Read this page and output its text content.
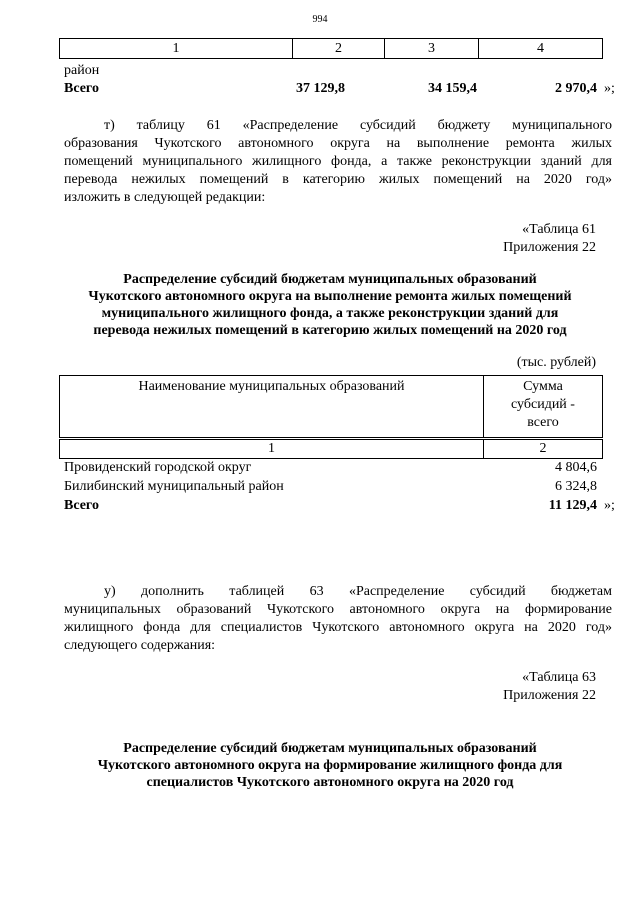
994
1	2	3	4
район
Всего	37 129,8	34 159,4	2 970,4 »;
т) таблицу 61 «Распределение субсидий бюджету муниципального
образования Чукотского автономного округа на выполнение ремонта жилых
помещений муниципального жилищного фонда, а также реконструкции зданий для
перевода нежилых помещений в категорию жилых помещений на 2020 год»
изложить в следующей редакции:
«Таблица 61
Приложения 22
Распределение субсидий бюджетам муниципальных образований
Чукотского автономного округа на выполнение ремонта жилых помещений
муниципального жилищного фонда, а также реконструкции зданий для
перевода нежилых помещений в категорию жилых помещений на 2020 год
(тыс. рублей)
Наименование муниципальных образований	Сумма
субсидий -
всего
1	2
Провиденский городской округ	4 804,6
Билибинский муниципальный район	6 324,8
Всего	11 129,4 »;
у) дополнить таблицей 63 «Распределение субсидий бюджетам
муниципальных образований Чукотского автономного округа на формирование
жилищного фонда для специалистов Чукотского автономного округа на 2020 год»
следующего содержания:
«Таблица 63
Приложения 22
Распределение субсидий бюджетам муниципальных образований
Чукотского автономного округа на формирование жилищного фонда для
специалистов Чукотского автономного округа на 2020 год
